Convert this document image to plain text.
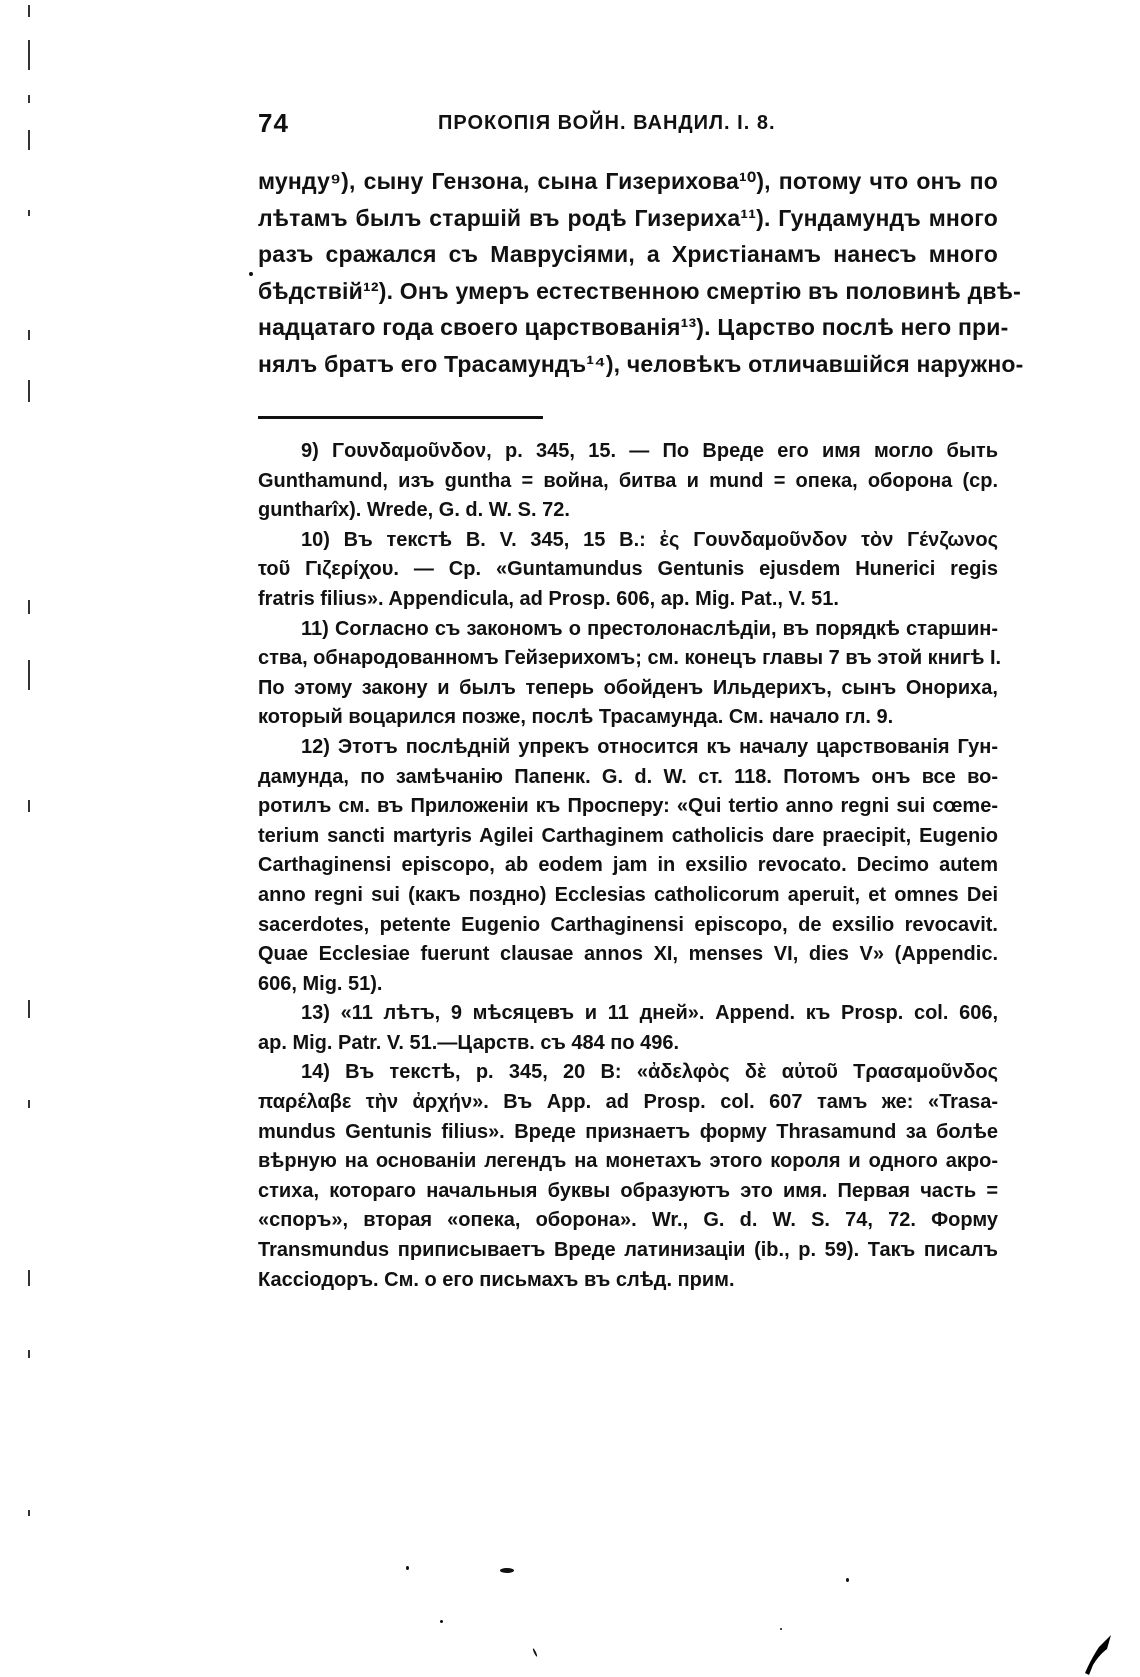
74	ПРОКОПІЯ ВОЙН. ВАНДИЛ. I. 8.
мунду⁹), сыну Гензона, сына Гизерихова¹⁰), потому что онъ по
лѣтамъ былъ старшій въ родѣ Гизериха¹¹). Гундамундъ много
разъ сражался съ Маврусіями, а Христіанамъ нанесъ много
бѣдствій¹²). Онъ умеръ естественною смертію въ половинѣ двѣ-
надцатаго года своего царствованія¹³). Царство послѣ него при-
нялъ братъ его Трасамундъ¹⁴), человѣкъ отличавшійся наружно-
9) Γουνδαμοῦνδον, p. 345, 15. — По Вреде его имя могло быть
Gunthamund, изъ guntha = война, битва и mund = опека, оборона (ср.
guntharîx). Wrede, G. d. W. S. 72.
10) Въ текстѣ B. V. 345, 15 B.: ἐς Γουνδαμοῦνδον τὸν Γένζωνος
τοῦ Γιζερίχου. — Ср. «Guntamundus Gentunis ejusdem Hunerici regis
fratris filius». Appendicula, ad Prosp. 606, ap. Mig. Pat., V. 51.
11) Согласно съ закономъ о престолонаслѣдіи, въ порядкѣ старшин-
ства, обнародованномъ Гейзерихомъ; см. конецъ главы 7 въ этой книгѣ I.
По этому закону и былъ теперь обойденъ Ильдерихъ, сынъ Онориха,
который воцарился позже, послѣ Трасамунда. См. начало гл. 9.
12) Этотъ послѣдній упрекъ относится къ началу царствованія Гун-
дамунда, по замѣчанію Папенк. G. d. W. ст. 118. Потомъ онъ все во-
ротилъ см. въ Приложеніи къ Просперу: «Qui tertio anno regni sui cœme-
terium sancti martyris Agilei Carthaginem catholicis dare praecipit, Eugenio
Carthaginensi episcopo, ab eodem jam in exsilio revocato. Decimo autem
anno regni sui (какъ поздно) Ecclesias catholicorum aperuit, et omnes Dei
sacerdotes, petente Eugenio Carthaginensi episcopo, de exsilio revocavit.
Quae Ecclesiae fuerunt clausae annos XI, menses VI, dies V» (Appendic.
606, Mig. 51).
13) «11 лѣтъ, 9 мѣсяцевъ и 11 дней». Append. къ Prosp. col. 606,
ap. Mig. Patr. V. 51.—Царств. съ 484 по 496.
14) Въ текстѣ, p. 345, 20 B: «ἀδελφὸς δὲ αὐτοῦ Τρασαμοῦνδος
παρέλαβε τὴν ἀρχήν». Въ App. ad Prosp. col. 607 тамъ же: «Trasa-
mundus Gentunis filius». Вреде признаетъ форму Thrasamund за болѣе
вѣрную на основаніи легендъ на монетахъ этого короля и одного акро-
стиха, котораго начальныя буквы образуютъ это имя. Первая часть =
«споръ», вторая «опека, оборона». Wr., G. d. W. S. 74, 72. Форму
Transmundus приписываетъ Вреде латинизаціи (ib., p. 59). Такъ писалъ
Кассіодоръ. См. о его письмахъ въ слѣд. прим.
